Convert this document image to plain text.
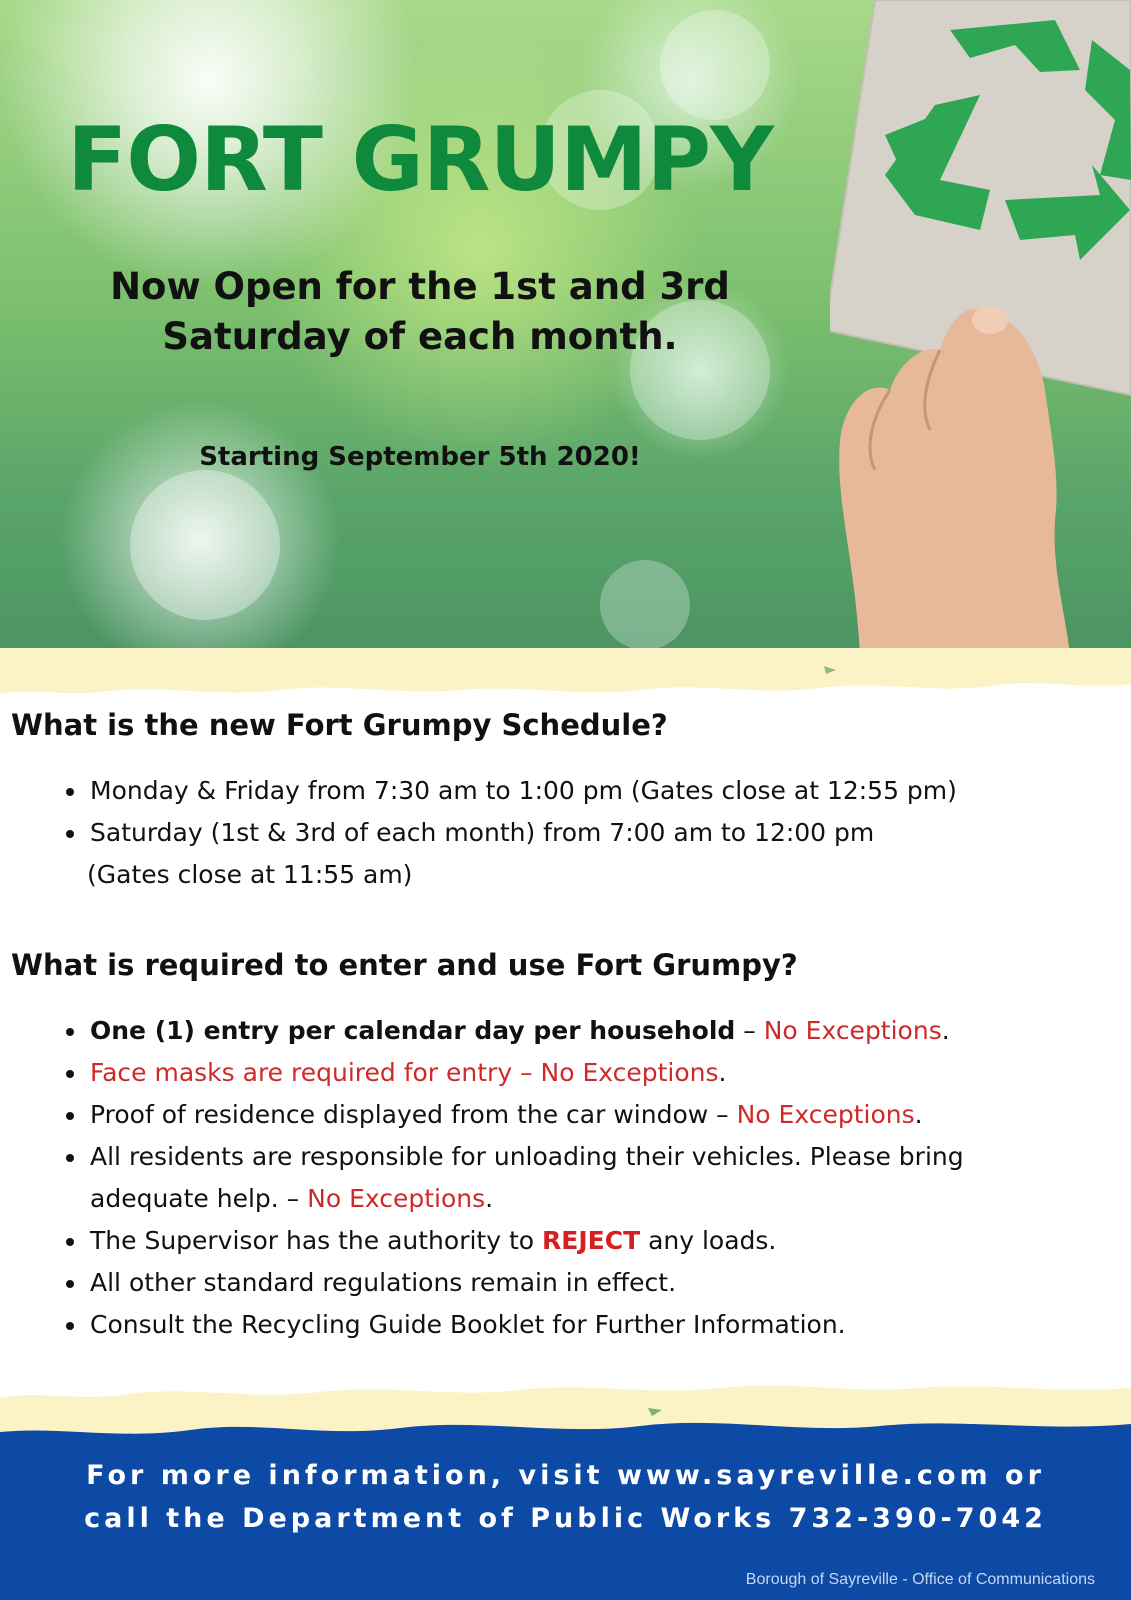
FORT GRUMPY
Now Open for the 1st and 3rd
Saturday of each month.
Starting September 5th 2020!
What is the new Fort Grumpy Schedule?
Monday & Friday from 7:30 am to 1:00 pm (Gates close at 12:55 pm)
Saturday (1st & 3rd of each month) from 7:00 am to 12:00 pm
(Gates close at 11:55 am)
What is required to enter and use Fort Grumpy?
One (1) entry per calendar day per household – No Exceptions.
Face masks are required for entry – No Exceptions.
Proof of residence displayed from the car window – No Exceptions.
All residents are responsible for unloading their vehicles. Please bring
adequate help. – No Exceptions.
The Supervisor has the authority to REJECT any loads.
All other standard regulations remain in effect.
Consult the Recycling Guide Booklet for Further Information.
For more information, visit www.sayreville.com or
call the Department of Public Works 732-390-7042
Borough of Sayreville - Office of Communications
